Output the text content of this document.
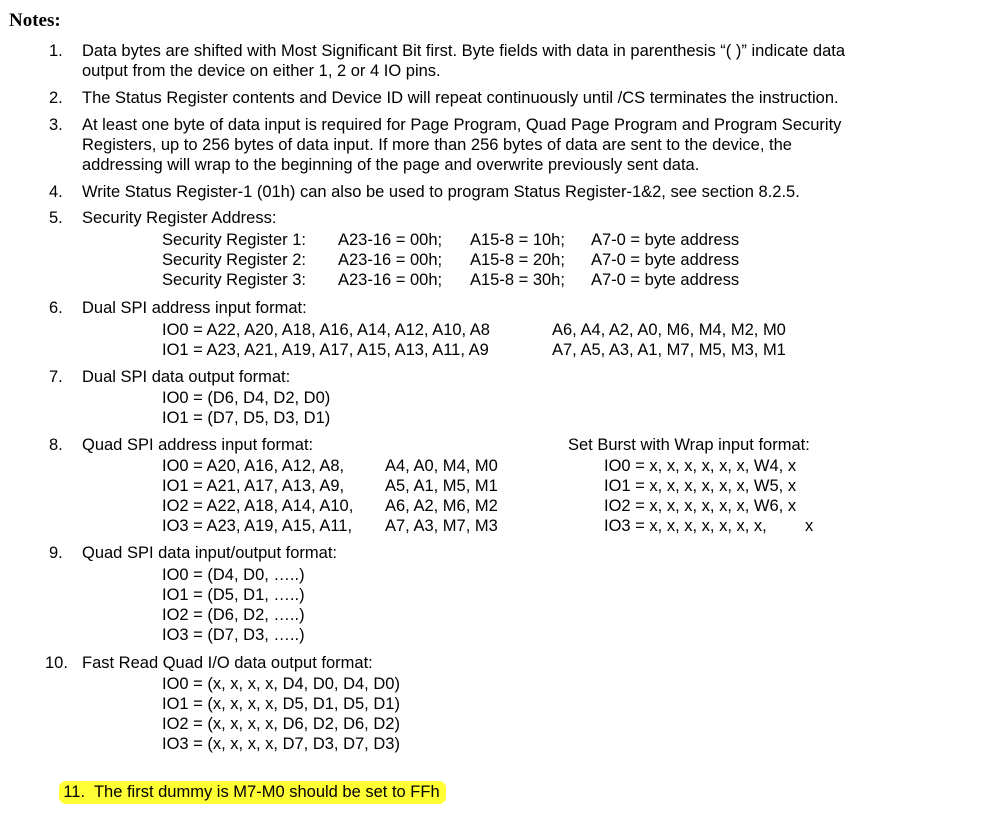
Notes:
1. Data bytes are shifted with Most Significant Bit first. Byte fields with data in parenthesis “( )” indicate data
output from the device on either 1, 2 or 4 IO pins.
2. The Status Register contents and Device ID will repeat continuously until /CS terminates the instruction.
3. At least one byte of data input is required for Page Program, Quad Page Program and Program Security
Registers, up to 256 bytes of data input. If more than 256 bytes of data are sent to the device, the
addressing will wrap to the beginning of the page and overwrite previously sent data.
4. Write Status Register-1 (01h) can also be used to program Status Register-1&2, see section 8.2.5.
5. Security Register Address:
Security Register 1: A23-16 = 00h; A15-8 = 10h; A7-0 = byte address
Security Register 2: A23-16 = 00h; A15-8 = 20h; A7-0 = byte address
Security Register 3: A23-16 = 00h; A15-8 = 30h; A7-0 = byte address
6. Dual SPI address input format:
IO0 = A22, A20, A18, A16, A14, A12, A10, A8	A6, A4, A2, A0, M6, M4, M2, M0
IO1 = A23, A21, A19, A17, A15, A13, A11, A9	A7, A5, A3, A1, M7, M5, M3, M1
7. Dual SPI data output format:
IO0 = (D6, D4, D2, D0)
IO1 = (D7, D5, D3, D1)
8. Quad SPI address input format:
IO0 = A20, A16, A12, A8, A4, A0, M4, M0
IO1 = A21, A17, A13, A9, A5, A1, M5, M1
IO2 = A22, A18, A14, A10, A6, A2, M6, M2
IO3 = A23, A19, A15, A11, A7, A3, M7, M3
Set Burst with Wrap input format:
IO0 = x, x, x, x, x, x, W4, x
IO1 = x, x, x, x, x, x, W5, x
IO2 = x, x, x, x, x, x, W6, x
IO3 = x, x, x, x, x, x, x, x
9. Quad SPI data input/output format:
IO0 = (D4, D0, …..)
IO1 = (D5, D1, …..)
IO2 = (D6, D2, …..)
IO3 = (D7, D3, …..)
10. Fast Read Quad I/O data output format:
IO0 = (x, x, x, x, D4, D0, D4, D0)
IO1 = (x, x, x, x, D5, D1, D5, D1)
IO2 = (x, x, x, x, D6, D2, D6, D2)
IO3 = (x, x, x, x, D7, D3, D7, D3)

11. The first dummy is M7-M0 should be set to FFh
